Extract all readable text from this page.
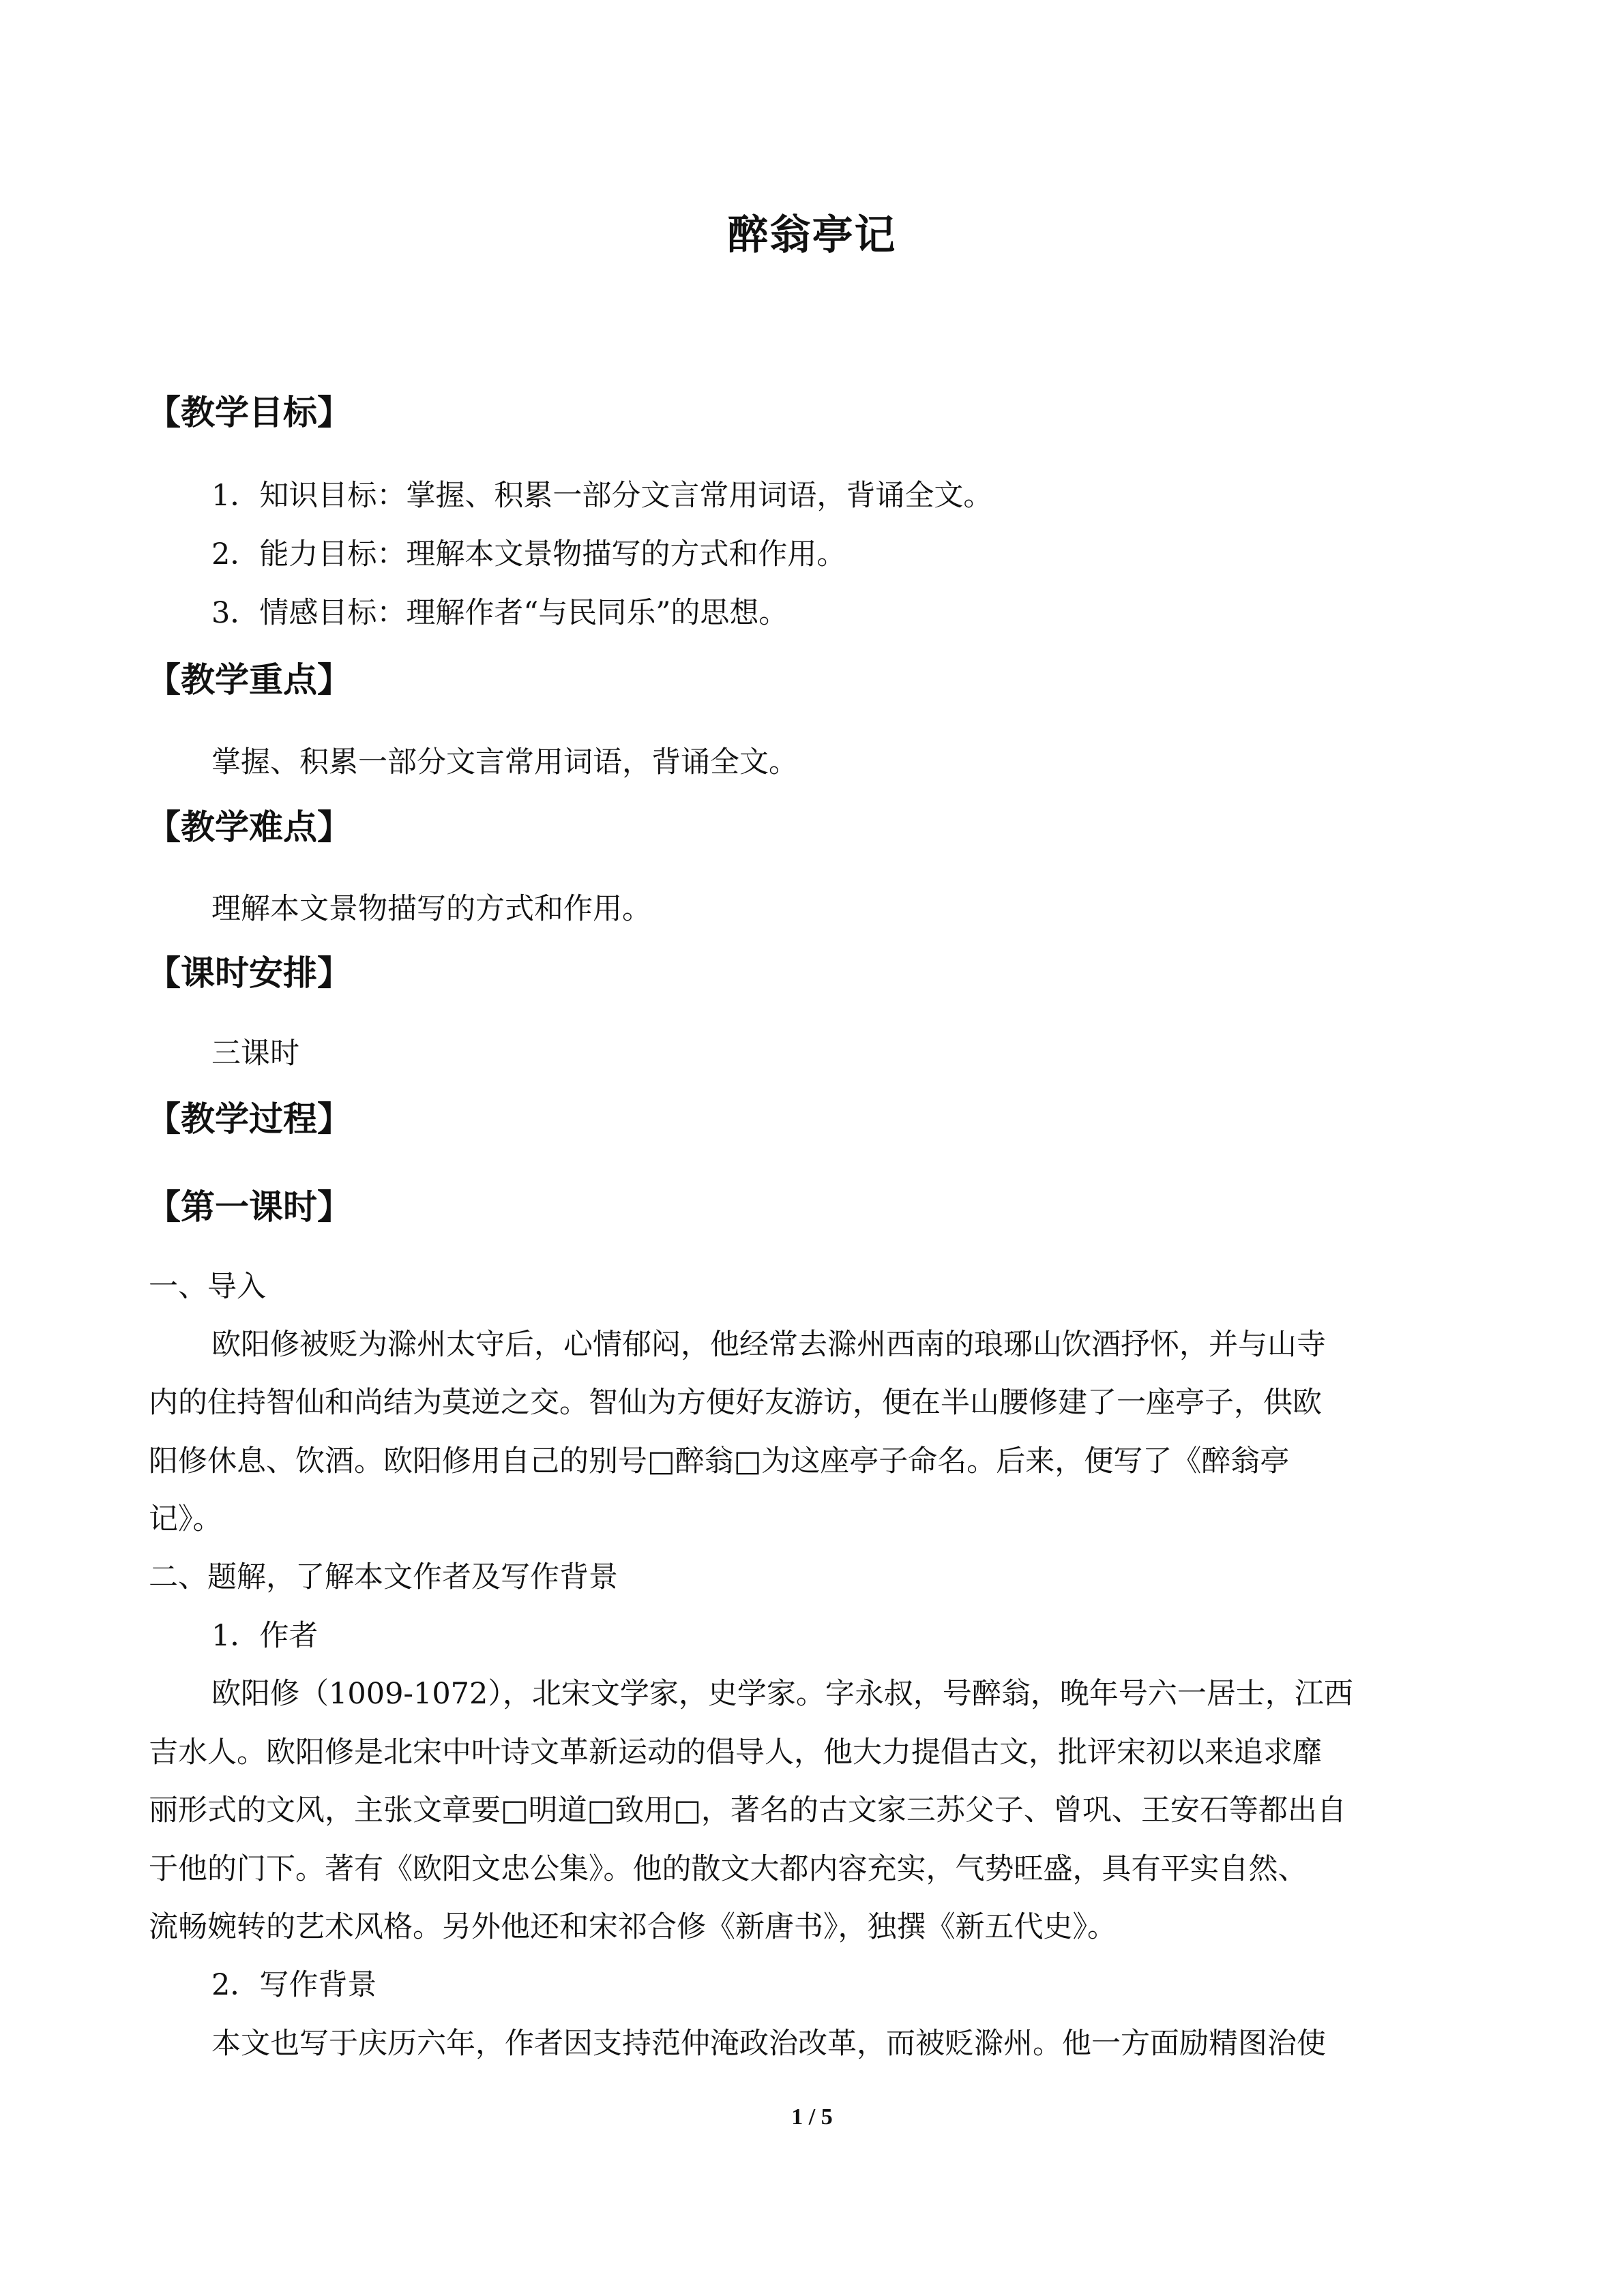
醉翁亭记
【教学目标】
1．知识目标：掌握、积累一部分文言常用词语，背诵全文。
2．能力目标：理解本文景物描写的方式和作用。
3．情感目标：理解作者“与民同乐”的思想。
【教学重点】
掌握、积累一部分文言常用词语，背诵全文。
【教学难点】
理解本文景物描写的方式和作用。
【课时安排】
三课时
【教学过程】
【第一课时】
一、导入
欧阳修被贬为滁州太守后，心情郁闷，他经常去滁州西南的琅琊山饮酒抒怀，并与山寺
内的住持智仙和尚结为莫逆之交。智仙为方便好友游访，便在半山腰修建了一座亭子，供欧
阳修休息、饮酒。欧阳修用自己的别号□醉翁□为这座亭子命名。后来，便写了《醉翁亭
记》。
二、题解，了解本文作者及写作背景
1．作者
欧阳修（1009-1072），北宋文学家，史学家。字永叔，号醉翁，晚年号六一居士，江西
吉水人。欧阳修是北宋中叶诗文革新运动的倡导人，他大力提倡古文，批评宋初以来追求靡
丽形式的文风，主张文章要□明道□致用□，著名的古文家三苏父子、曾巩、王安石等都出自
于他的门下。著有《欧阳文忠公集》。他的散文大都内容充实，气势旺盛，具有平实自然、
流畅婉转的艺术风格。另外他还和宋祁合修《新唐书》，独撰《新五代史》。
2．写作背景
本文也写于庆历六年，作者因支持范仲淹政治改革，而被贬滁州。他一方面励精图治使
1 / 5
